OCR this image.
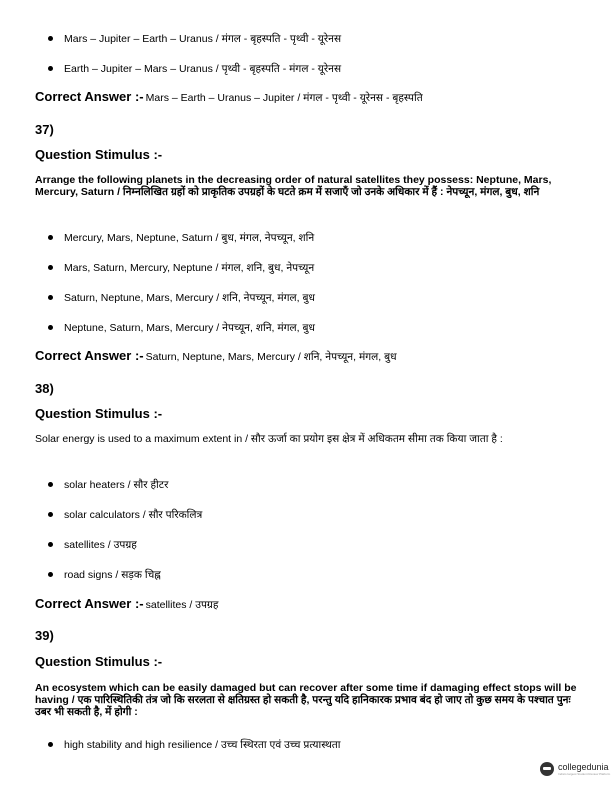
Mars – Jupiter – Earth – Uranus / मंगल - बृहस्पति - पृथ्वी - यूरेनस
Earth – Jupiter – Mars – Uranus / पृथ्वी - बृहस्पति - मंगल - यूरेनस
Correct Answer :- Mars – Earth – Uranus – Jupiter / मंगल - पृथ्वी - यूरेनस - बृहस्पति
37)
Question Stimulus :-
Arrange the following planets in the decreasing order of natural satellites they possess: Neptune, Mars, Mercury, Saturn / निम्नलिखित ग्रहों को प्राकृतिक उपग्रहों के घटते क्रम में सजाएँ जो उनके अधिकार में हैं : नेपच्यून, मंगल, बुध, शनि
Mercury, Mars, Neptune, Saturn / बुध, मंगल, नेपच्यून, शनि
Mars, Saturn, Mercury, Neptune / मंगल, शनि, बुध, नेपच्यून
Saturn, Neptune, Mars, Mercury / शनि, नेपच्यून, मंगल, बुध
Neptune, Saturn, Mars, Mercury / नेपच्यून, शनि, मंगल, बुध
Correct Answer :- Saturn, Neptune, Mars, Mercury / शनि, नेपच्यून, मंगल, बुध
38)
Question Stimulus :-
Solar energy is used to a maximum extent in / सौर ऊर्जा का प्रयोग इस क्षेत्र में अधिकतम सीमा तक किया जाता है :
solar heaters / सौर हीटर
solar calculators / सौर परिकलित्र
satellites / उपग्रह
road signs / सड़क चिह्न
Correct Answer :- satellites / उपग्रह
39)
Question Stimulus :-
An ecosystem which can be easily damaged but can recover after some time if damaging effect stops will be having / एक पारिस्थितिकी तंत्र जो कि सरलता से क्षतिग्रस्त हो सकती है, परन्तु यदि हानिकारक प्रभाव बंद हो जाए तो कुछ समय के पश्चात पुनः उबर भी सकती है, में होगी :
high stability and high resilience / उच्च स्थिरता एवं उच्च प्रत्यास्थता
collegedunia
India's largest Student Review Platform
